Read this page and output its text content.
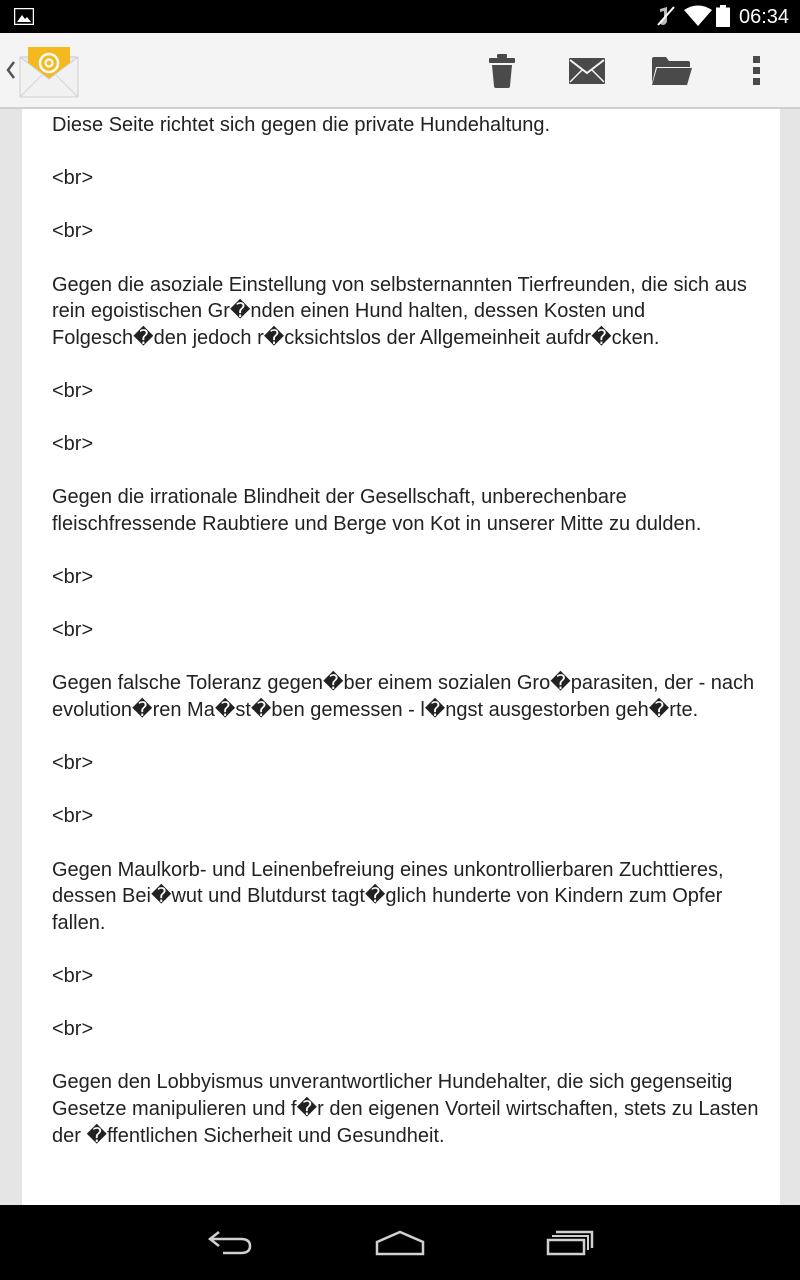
06:34

Diese Seite richtet sich gegen die private Hundehaltung.

<br>

<br>

Gegen die asoziale Einstellung von selbsternannten Tierfreunden, die sich aus rein egoistischen Gr�nden einen Hund halten, dessen Kosten und Folgesch�den jedoch r�cksichtslos der Allgemeinheit aufdr�cken.

<br>

<br>

Gegen die irrationale Blindheit der Gesellschaft, unberechenbare fleischfressende Raubtiere und Berge von Kot in unserer Mitte zu dulden.

<br>

<br>

Gegen falsche Toleranz gegen�ber einem sozialen Gro�parasiten, der - nach evolution�ren Ma�st�ben gemessen - l�ngst ausgestorben geh�rte.

<br>

<br>

Gegen Maulkorb- und Leinenbefreiung eines unkontrollierbaren Zuchttieres, dessen Bei�wut und Blutdurst tagt�glich hunderte von Kindern zum Opfer fallen.

<br>

<br>

Gegen den Lobbyismus unverantwortlicher Hundehalter, die sich gegenseitig Gesetze manipulieren und f�r den eigenen Vorteil wirtschaften, stets zu Lasten der �ffentlichen Sicherheit und Gesundheit.
